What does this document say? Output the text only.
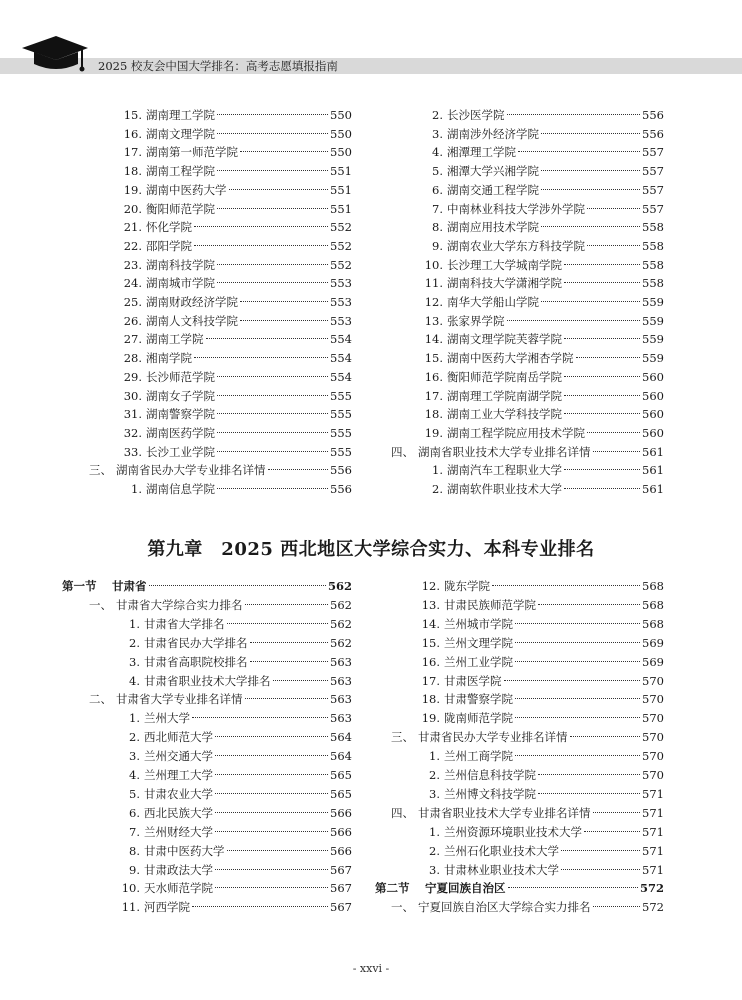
2025 校友会中国大学排名：高考志愿填报指南
15. 湖南理工学院	550
16. 湖南文理学院	550
17. 湖南第一师范学院	550
18. 湖南工程学院	551
19. 湖南中医药大学	551
20. 衡阳师范学院	551
21. 怀化学院	552
22. 邵阳学院	552
23. 湖南科技学院	552
24. 湖南城市学院	553
25. 湖南财政经济学院	553
26. 湖南人文科技学院	553
27. 湖南工学院	554
28. 湘南学院	554
29. 长沙师范学院	554
30. 湖南女子学院	555
31. 湖南警察学院	555
32. 湖南医药学院	555
33. 长沙工业学院	555
三、 湖南省民办大学专业排名详情	556
1. 湖南信息学院	556
2. 长沙医学院	556
3. 湖南涉外经济学院	556
4. 湘潭理工学院	557
5. 湘潭大学兴湘学院	557
6. 湖南交通工程学院	557
7. 中南林业科技大学涉外学院	557
8. 湖南应用技术学院	558
9. 湖南农业大学东方科技学院	558
10. 长沙理工大学城南学院	558
11. 湖南科技大学潇湘学院	558
12. 南华大学船山学院	559
13. 张家界学院	559
14. 湖南文理学院芙蓉学院	559
15. 湖南中医药大学湘杏学院	559
16. 衡阳师范学院南岳学院	560
17. 湖南理工学院南湖学院	560
18. 湖南工业大学科技学院	560
19. 湖南工程学院应用技术学院	560
四、 湖南省职业技术大学专业排名详情	561
1. 湖南汽车工程职业大学	561
2. 湖南软件职业技术大学	561
第九章　2025 西北地区大学综合实力、本科专业排名
第一节	甘肃省	562
一、 甘肃省大学综合实力排名	562
1. 甘肃省大学排名	562
2. 甘肃省民办大学排名	562
3. 甘肃省高职院校排名	563
4. 甘肃省职业技术大学排名	563
二、 甘肃省大学专业排名详情	563
1. 兰州大学	563
2. 西北师范大学	564
3. 兰州交通大学	564
4. 兰州理工大学	565
5. 甘肃农业大学	565
6. 西北民族大学	566
7. 兰州财经大学	566
8. 甘肃中医药大学	566
9. 甘肃政法大学	567
10. 天水师范学院	567
11. 河西学院	567
12. 陇东学院	568
13. 甘肃民族师范学院	568
14. 兰州城市学院	568
15. 兰州文理学院	569
16. 兰州工业学院	569
17. 甘肃医学院	570
18. 甘肃警察学院	570
19. 陇南师范学院	570
三、 甘肃省民办大学专业排名详情	570
1. 兰州工商学院	570
2. 兰州信息科技学院	570
3. 兰州博文科技学院	571
四、 甘肃省职业技术大学专业排名详情	571
1. 兰州资源环境职业技术大学	571
2. 兰州石化职业技术大学	571
3. 甘肃林业职业技术大学	571
第二节	宁夏回族自治区	572
一、 宁夏回族自治区大学综合实力排名	572
- xxvi -
